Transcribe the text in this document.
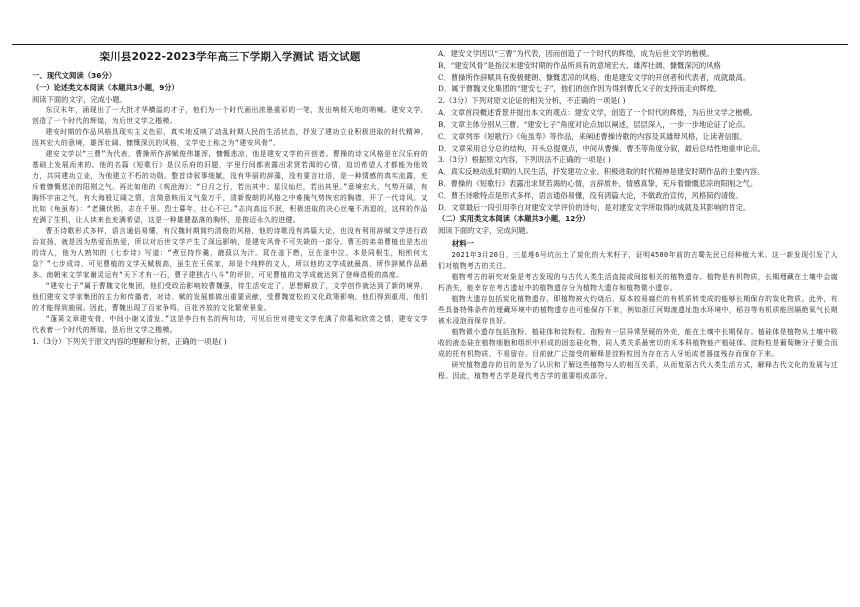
栾川县2022-2023学年高三下学期入学测试 语文试题
一、现代文阅读（36分）
（一）论述类文本阅读（本题共3小题，9分）
阅读下面的文字，完成小题。
东汉末年，涌现出了一大批才华横溢的才子，他们为一个时代画出浓墨重彩的一笔，发出响彻天地的呐喊。建安文学，创造了一个时代的辉煌，为后世文学之楷模。
建安时期的作品风格具现实主义色彩，真实地反映了动乱时期人民的生活状态，抒发了建功立业积极进取的时代精神，因其宏大的意境，雄浑壮阔、慷慨深沉的风格，文学史上称之为“建安风骨”。
建安文学以“三曹”为代表，曹操所作辞赋俊伟雄浑，慷慨悲凉，他是建安文学的开创者。曹操的诗文风格是在汉乐府的基础上发展而来的。他的名篇《短歌行》是汉乐府的旧题，字里行间都表露出求贤若渴的心情，迫切希望人才都能为他效力，共同建功立业，为他建立不朽的功勋。整首诗叙事细腻，没有华丽的辞藻，没有要言壮语，是一种情感的真实流露，充斥着慷慨悲凉的阳刚之气。再比如他的《观沧海》：“日月之行，若出其中；星汉灿烂，若出其里。”意境宏大，气势开阔，有胸怀宇宙之气，有大海般辽阔之情，言简意赅而又气象万千，清新俊朗的风格之中难掩气势恢宏的胸襟，开了一代诗风。又比如《龟虽寿》：“老骥伏枥，志在千里。烈士暮年，壮心不已。”志向高远不泯，积极进取的决心丝毫不消退的，这样的作品充满了生机，让人读来也充满希望，这是一种雄健磊落的胸怀，是俊迈永久的进健。
曹丕诗歌形式多样，语言通俗易懂，有汉魏时期简约清俊的风格，他的诗歌没有鸿篇大论，也没有利用辞赋文学进行政治宣扬，就是因为热爱而热爱，所以对后世文学产生了深远影响，是建安风骨不可失缺的一部分。曹丕的弟弟曹植也是杰出的诗人，他为人熟知的《七步诗》写道：“煮豆持作羹，漉菽以为汁。萁在釜下燃，豆在釜中泣。本是同根生，相煎何太急？”七步成诗，可见曹植的文学天赋极高，虽生在王侯家，却是个纯粹的文人，所以他的文学成就最高，所作辞赋作品最多。南朝宋文学家谢灵运有“天下才有一石，曹子建独占八斗”的评价，可见曹植的文学成就达到了登峰造极的高度。
“建安七子”属于曹魏文化集团，他们受政治影响较曹魏强，待生活安定了，思想解放了，文学创作就达到了新的境界，他们建安文学家集团的主力和传播者，对诗、赋的发展都做出重要贡献，受曹魏宽松的文化政策影响，他们得到重用，他们的才能得到施展。因此，曹魏出现了百家争鸣，百花齐放的文化繁荣景象。
“蓬莱文章建安骨，中间小谢又清发。”这是李白有名的两句诗，可见后世对建安文学充满了仰慕和欣赏之情，建安文学代表着一个时代的辉煌，是后世文学之楷模。
1.（3分）下列关于原文内容的理解和分析，正确的一项是( )
A．建安文学因以“三曹”为代表，因而创造了一个时代的辉煌，成为后世文学的楷模。
B．“建安风骨”是指汉末建安时期的作品所具有的意境宏大、雄浑壮阔、慷慨深沉的风格
C．曹操所作辞赋具有俊极健朗、慷慨悲凉的风格，他是建安文学的开创者和代表者，成就最高。
D．属于曹魏文化集团的“建安七子”，他们的创作因为得到曹氏父子的支持而走向辉煌。
2.（3分）下列对原文论证的相关分析，不正确的一项是( )
A．文章首段概述背景并提出本文的观点：建安文学，创造了一个时代的辉煌，为后世文学之楷模。
B．文章主体分别从三曹、“建安七子”角度对论点加以阐述，层层深入，一步一步地论证了论点。
C．文章列举《短歌行》《龟虽寿》等作品，来阐述曹操诗歌的内容及其雄辩风格，让读者信服。
D．文章采用总分总的结构，开头总提观点，中间从曹操、曹丕等角度分叙，最后总结性地重申论点。
3.（3分）根据原文内容，下列说法不正确的一项是( )
A．真实反映动乱时期的人民生活，抒发建功立业、积极进取的时代精神是建安时期作品的主要内容。
B．曹操的《短歌行》表露出求贤若渴的心情，言辞质朴，情感真挚，充斥着慷慨悲凉的阳刚之气。
C．曹丕诗歌特点是形式多样，语言通俗易懂，没有鸿篇大论，不做政治宣传，风格简约清俊。
D．文章最后一段引用李白对建安文学评价的诗句，是对建安文学所取得的成就及其影响的肯定。
（二）实用类文本阅读（本题共3小题，12分）
阅读下面的文字，完成问题。
材料一
2021年3月20日，三星堆6号坑出土了炭化的大米籽子，证明4500年前的古蜀先民已经种植大米。这一新发现引发了人们对植物考古的关注。
植物考古的研究对象是考古发现的与古代人类生活直接或间接相关的植物遗存。植物是有机物质，长期埋藏在土壤中会腐朽消失，能幸存在考古遗址中的植物遗存分为植物大遗存和植物微小遗存。
植物大遗存包括炭化植物遗存，即植物被火灼烧后，原本较易腐烂的有机质转变成的能够长期保存的炭化物质。此外，有些具备特殊条件的埋藏环境中的植物遗存也可能保存下来，例如浙江河姆渡遗址饱水环境中，稻谷等有机质能因隔绝氧气长期被水浸泡而保存良好。
植物微小遗存包括孢粉、植硅体和淀粉粒。孢粉有一层异常坚硬的外壳，能在土壤中长期保存。植硅体是植物从土壤中吸收的液态硅在植物细胞和组织中形成的固态硅化物，同人类关系最密切的禾本科植物能产植硅体。淀粉粒是葡萄糖分子聚合而成的托有机物质，不易留存。目前就广泛接受的解释是淀粉粒因为存在古人牙垢或者器皿残存而保存下来。
研究植物遗存的目的是为了认识和了解这些植物与人的相互关系，从而复原古代人类生活方式，解释古代文化的发展与过程。因此，植物考古学是现代考古学的重要组成部分。
